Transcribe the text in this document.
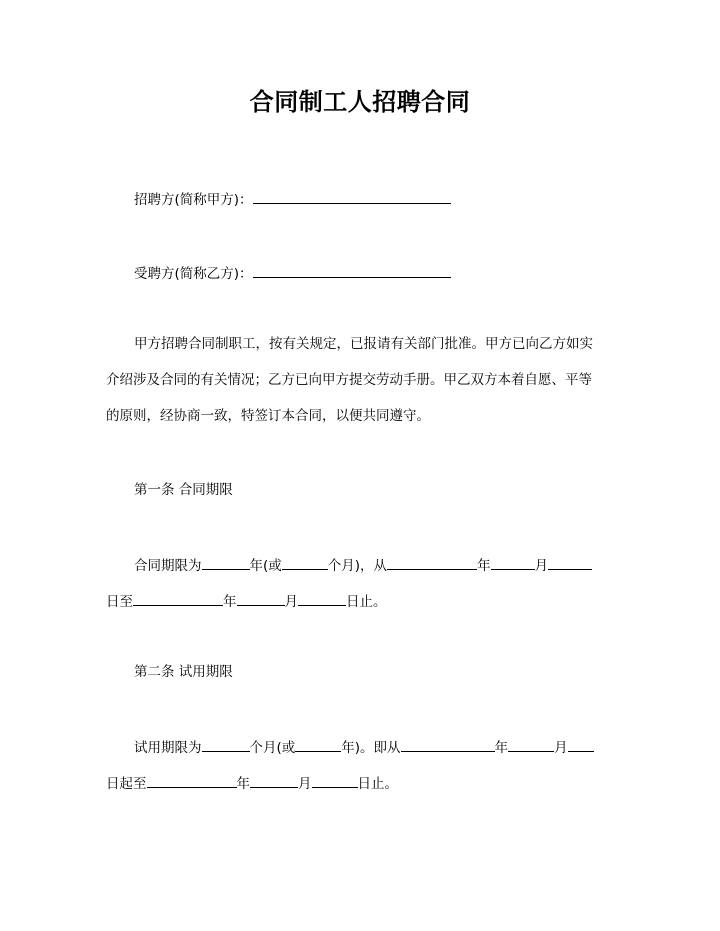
合同制工人招聘合同
招聘方(简称甲方)：
受聘方(简称乙方)：
甲方招聘合同制职工，按有关规定，已报请有关部门批准。甲方已向乙方如实
介绍涉及合同的有关情况；乙方已向甲方提交劳动手册。甲乙双方本着自愿、平等
的原则，经协商一致，特签订本合同，以便共同遵守。
第一条 合同期限
合同期限为	年(或	个月)，从	年	月
日至	年	月	日止。
第二条 试用期限
试用期限为	个月(或	年)。即从	年	月
日起至	年	月	日止。
